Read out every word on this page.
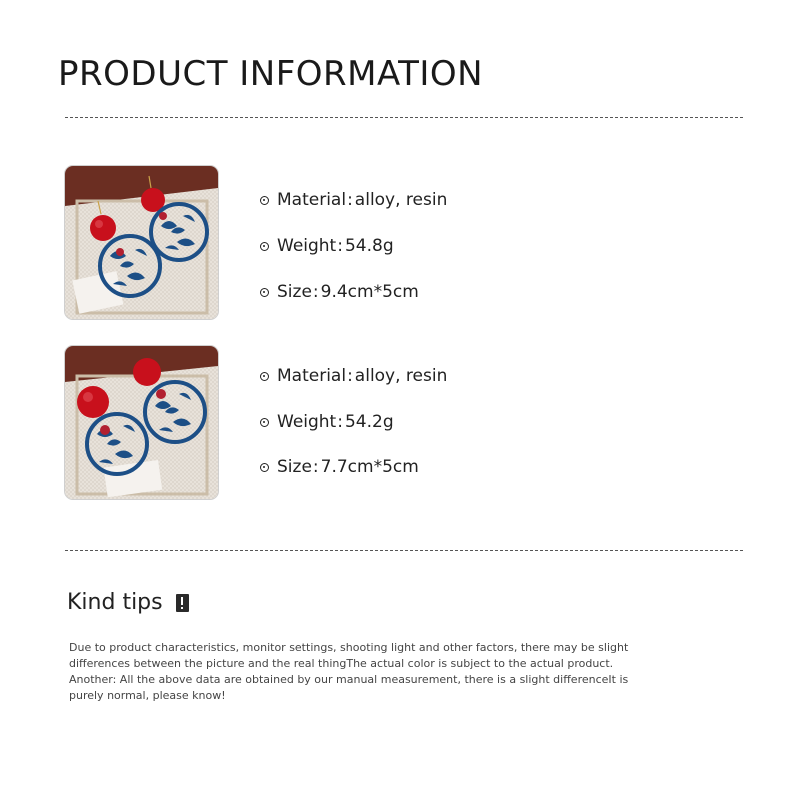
PRODUCT INFORMATION
Material : alloy, resin
Weight : 54.8g
Size : 9.4cm*5cm
Material : alloy, resin
Weight : 54.2g
Size : 7.7cm*5cm
Kind tips
Due to product characteristics, monitor settings, shooting light and other factors, there may be slight differences between the picture and the real thingThe actual color is subject to the actual product. Another: All the above data are obtained by our manual measurement, there is a slight differenceIt is purely normal, please know!
